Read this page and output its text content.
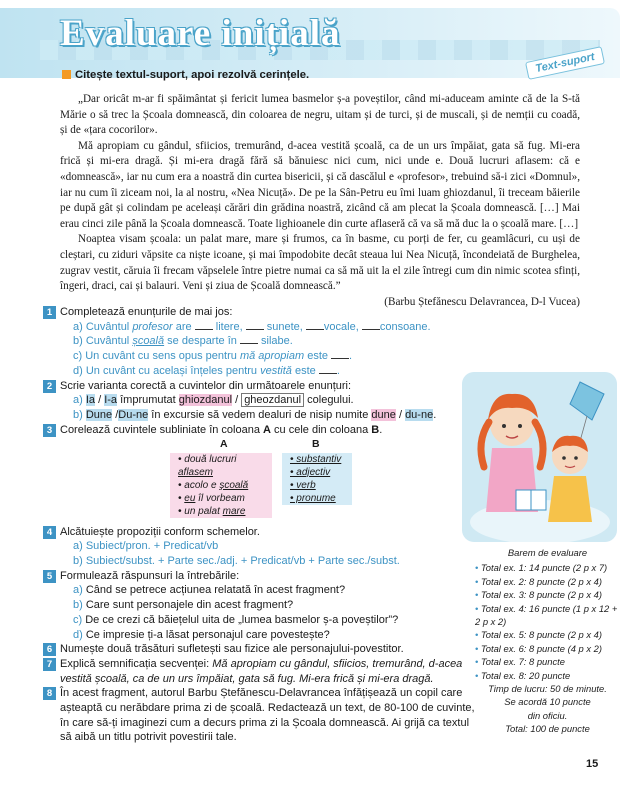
Evaluare inițială
Text-suport
Citește textul-suport, apoi rezolvă cerințele.

„Dar oricât m-ar fi spăimântat și fericit lumea basmelor ș-a poveștilor, când mi-aduceam aminte că de la S-tă Mărie o să trec la Școala domnească, din coloarea de negru, uitam și de turci, și de muscali, și de nemții cu coadă, și de «țara cocorilor».

Mă apropiam cu gândul, sfiicios, tremurând, d-acea vestită școală, ca de un urs împăiat, gata să fug. Mi-era frică și mi-era dragă. Și mi-era dragă fără să bănuiesc nici cum, nici unde e. Două lucruri aflasem: că e «domnească», iar nu cum era a noastră din curtea bisericii, și că dascălul e «profesor», trebuind să-i zici «Domnul», iar nu cum îi ziceam noi, la al nostru, «Nea Nicuță». De pe la Sân-Petru eu îmi luam ghiozdanul, îi treceam băierile pe după gât și colindam pe aceleași cărări din grădina noastră, zicând că am plecat la Școala domnească. […] Mai erau cinci zile până la Școala domnească. Toate lighioanele din curte aflaseră că va să mă duc la o școală mare. […]

Noaptea visam școala: un palat mare, mare și frumos, ca în basme, cu porți de fer, cu geamlâcuri, cu uși de cleștari, cu ziduri văpsite ca niște icoane, și mai împodobite decât steaua lui Nea Nicuță, încondeiată de Burghelea, zugrav vestit, căruia îi frecam văpselele între pietre numai ca să mă uit la el zile întregi cum din nimic scotea sfinți, îngeri, draci, cai și balauri. Veni și ziua de Școală domnească.”

(Barbu Ștefănescu Delavrancea, D-l Vucea)
1 Completează enunțurile de mai jos:
a) Cuvântul profesor are  litere,  sunete, vocale, consoane.
b) Cuvântul școală se desparte în  silabe.
c) Un cuvânt cu sens opus pentru mă apropiam este .
d) Un cuvânt cu același înțeles pentru vestită este .
2 Scrie varianta corectă a cuvintelor din următoarele enunțuri:
a) Ia / I-a împrumutat ghiozdanul / gheozdanul colegului.
b) Dune /Du-ne în excursie să vedem dealuri de nisip numite dune / du-ne.
3 Corelează cuvintele subliniate în coloana A cu cele din coloana B.
A
• două lucruri aflasem
• acolo e școală
• eu îl vorbeam
• un palat mare
B
• substantiv
• adjectiv
• verb
• pronume
4 Alcătuiește propoziții conform schemelor.
a) Subiect/pron. + Predicat/vb
b) Subiect/subst. + Parte sec./adj. + Predicat/vb + Parte sec./subst.
5 Formulează răspunsuri la întrebările:
a) Când se petrece acțiunea relatată în acest fragment?
b) Care sunt personajele din acest fragment?
c) De ce crezi că băiețelul uita de „lumea basmelor ș-a poveștilor”?
d) Ce impresie ți-a lăsat personajul care povestește?
6 Numește două trăsături sufletești sau fizice ale personajului-povestitor.
7 Explică semnificația secvenței: Mă apropiam cu gândul, sfiicios, tremurând, d-acea vestită școală, ca de un urs împăiat, gata să fug. Mi-era frică și mi-era dragă.
8 În acest fragment, autorul Barbu Ștefănescu-Delavrancea înfățișează un copil care așteaptă cu nerăbdare prima zi de școală. Redactează un text, de 80-100 de cuvinte, în care să-ți imaginezi cum a decurs prima zi la Școala domnească. Ai grijă ca textul să aibă un titlu potrivit povestirii tale.
Barem de evaluare
• Total ex. 1: 14 puncte (2 p x 7)
• Total ex. 2: 8 puncte (2 p x 4)
• Total ex. 3: 8 puncte (2 p x 4)
• Total ex. 4: 16 puncte (1 p x 12 + 2 p x 2)
• Total ex. 5: 8 puncte (2 p x 4)
• Total ex. 6: 8 puncte (4 p x 2)
• Total ex. 7: 8 puncte
• Total ex. 8: 20 puncte
Timp de lucru: 50 de minute.
Se acordă 10 puncte
din oficiu.
Total: 100 de puncte
15
